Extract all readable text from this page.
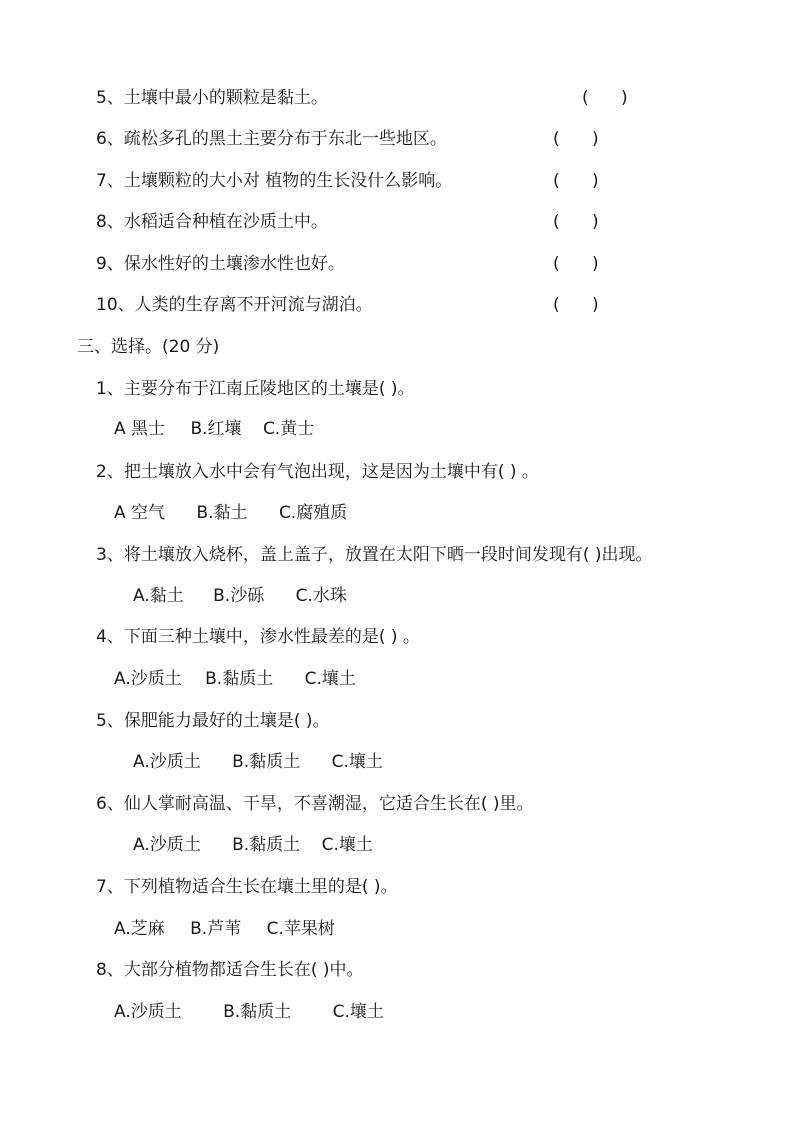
5、土壤中最小的颗粒是黏土。	(      )
6、疏松多孔的黑土主要分布于东北一些地区。	(      )
7、土壤颗粒的大小对 植物的生长没什么影响。	(      )
8、水稻适合种植在沙质土中。	(      )
9、保水性好的土壤渗水性也好。	(      )
10、人类的生存离不开河流与湖泊。	(      )
三、选择。(20 分)
1、主要分布于江南丘陵地区的土壤是( )。
A 黑士 B.红壤 C.黄士
2、把土壤放入水中会有气泡出现，这是因为土壤中有( ) 。
A 空气 B.黏土 C.腐殖质
3、将土壤放入烧杯，盖上盖子，放置在太阳下晒一段时间发现有( )出现。
A.黏土 B.沙砾 C.水珠
4、下面三种土壤中，渗水性最差的是( ) 。
A.沙质土 B.黏质土 C.壤土
5、保肥能力最好的土壤是( )。
A.沙质土 B.黏质土 C.壤土
6、仙人掌耐高温、干旱，不喜潮湿，它适合生长在( )里。
A.沙质土 B.黏质土 C.壤土
7、下列植物适合生长在壤土里的是( )。
A.芝麻 B.芦苇 C.苹果树
8、大部分植物都适合生长在( )中。
A.沙质土 B.黏质土 C.壤土
